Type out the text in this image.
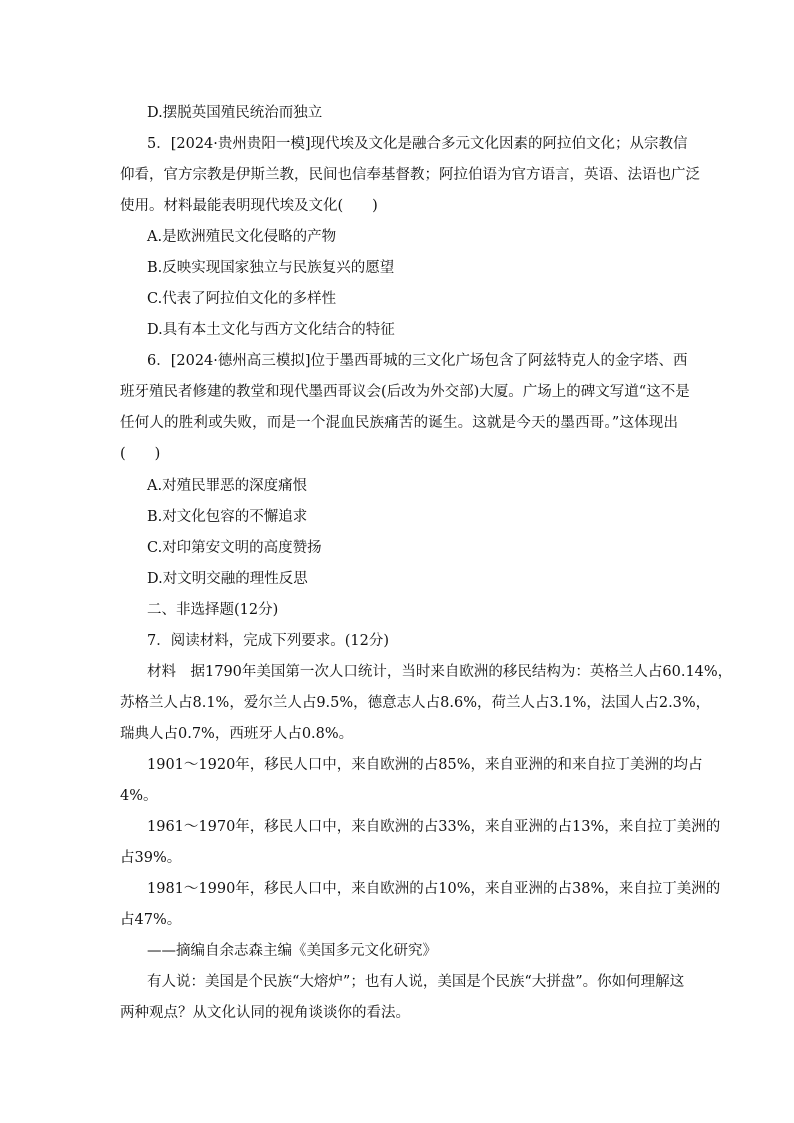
D.摆脱英国殖民统治而独立
5．[2024·贵州贵阳一模]现代埃及文化是融合多元文化因素的阿拉伯文化；从宗教信
仰看，官方宗教是伊斯兰教，民间也信奉基督教；阿拉伯语为官方语言，英语、法语也广泛
使用。材料最能表明现代埃及文化(　　)
A.是欧洲殖民文化侵略的产物
B.反映实现国家独立与民族复兴的愿望
C.代表了阿拉伯文化的多样性
D.具有本土文化与西方文化结合的特征
6．[2024·德州高三模拟]位于墨西哥城的三文化广场包含了阿兹特克人的金字塔、西
班牙殖民者修建的教堂和现代墨西哥议会(后改为外交部)大厦。广场上的碑文写道“这不是
任何人的胜利或失败，而是一个混血民族痛苦的诞生。这就是今天的墨西哥。”这体现出
(　　)
A.对殖民罪恶的深度痛恨
B.对文化包容的不懈追求
C.对印第安文明的高度赞扬
D.对文明交融的理性反思
二、非选择题(12分)
7．阅读材料，完成下列要求。(12分)
材料　据1790年美国第一次人口统计，当时来自欧洲的移民结构为：英格兰人占60.14%，
苏格兰人占8.1%，爱尔兰人占9.5%，德意志人占8.6%，荷兰人占3.1%，法国人占2.3%，
瑞典人占0.7%，西班牙人占0.8%。
1901～1920年，移民人口中，来自欧洲的占85%，来自亚洲的和来自拉丁美洲的均占
4%。
1961～1970年，移民人口中，来自欧洲的占33%，来自亚洲的占13%，来自拉丁美洲的
占39%。
1981～1990年，移民人口中，来自欧洲的占10%，来自亚洲的占38%，来自拉丁美洲的
占47%。
——摘编自余志森主编《美国多元文化研究》
有人说：美国是个民族“大熔炉”；也有人说，美国是个民族“大拼盘”。你如何理解这
两种观点？从文化认同的视角谈谈你的看法。
